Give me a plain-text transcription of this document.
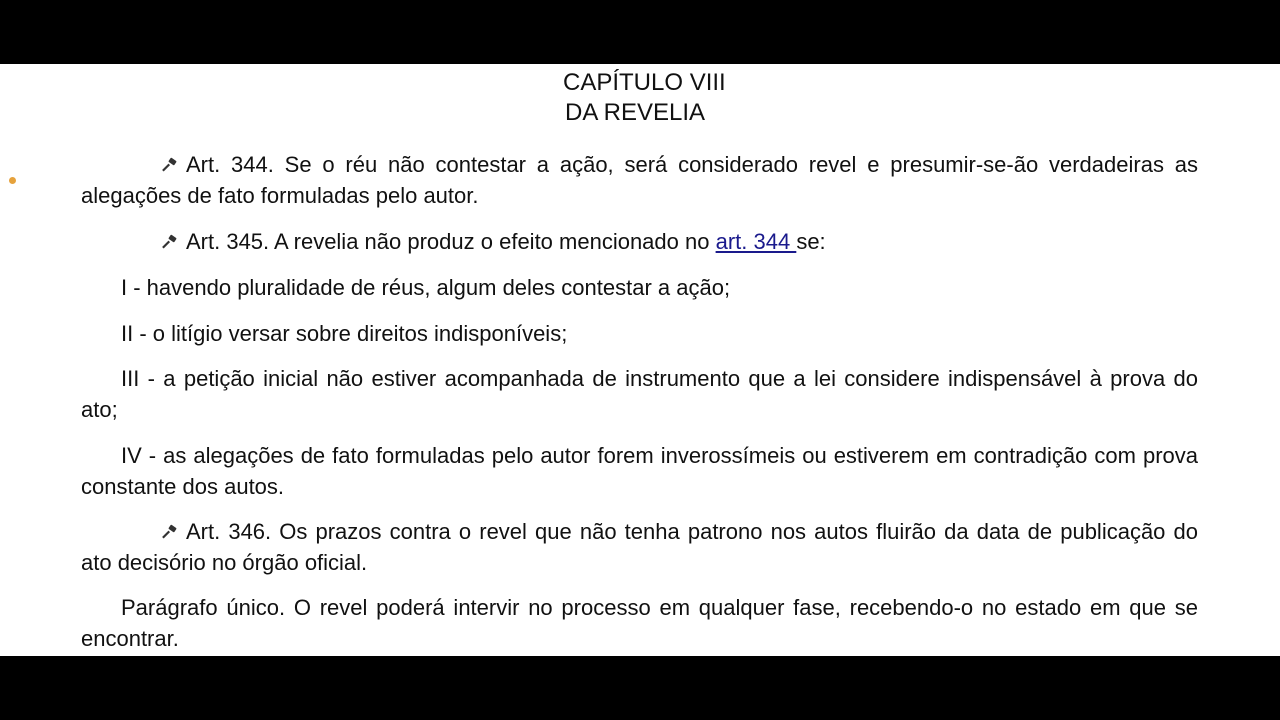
CAPÍTULO VIII
DA REVELIA

Art. 344. Se o réu não contestar a ação, será considerado revel e presumir-se-ão verdadeiras as alegações de fato formuladas pelo autor.

Art. 345. A revelia não produz o efeito mencionado no art. 344 se:

I - havendo pluralidade de réus, algum deles contestar a ação;

II - o litígio versar sobre direitos indisponíveis;

III - a petição inicial não estiver acompanhada de instrumento que a lei considere indispensável à prova do ato;

IV - as alegações de fato formuladas pelo autor forem inverossímeis ou estiverem em contradição com prova constante dos autos.

Art. 346. Os prazos contra o revel que não tenha patrono nos autos fluirão da data de publicação do ato decisório no órgão oficial.

Parágrafo único. O revel poderá intervir no processo em qualquer fase, recebendo-o no estado em que se encontrar.
